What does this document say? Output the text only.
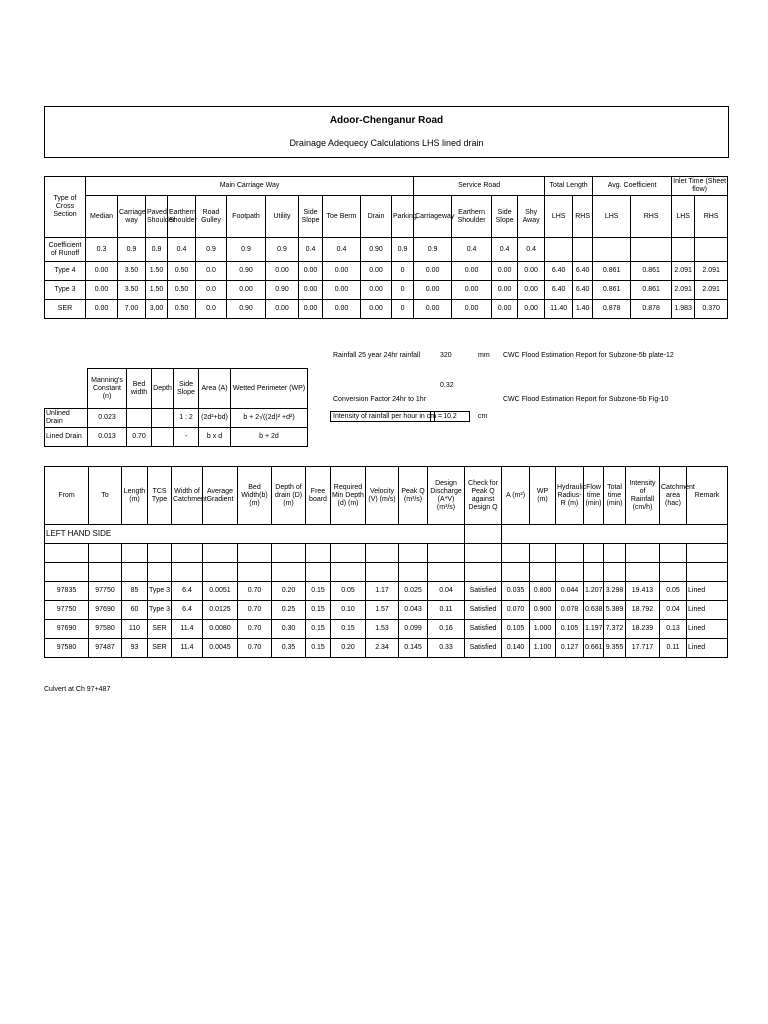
Adoor-Chenganur Road
Drainage Adequecy Calculations LHS lined drain
Type of Cross Section	Main Carriage Way											Service Road				Total Length		Avg. Coefficient		Inlet Time (Sheet flow)	
	Median	Carriage way	Paved Shoulder	Earthern Shoulder	Road Gulley	Footpath	Utility	Side Slope	Toe Berm	Drain	Parking	Carriageway	Earthern Shoulder	Side Slope	Shy Away	LHS	RHS	LHS	RHS	LHS	RHS
Coefficient of Runoff	0.3	0.9	0.9	0.4	0.9	0.9	0.9	0.4	0.4	0.90	0.9	0.9	0.4	0.4	0.4						
Type 4	0.00	3.50	1.50	0.50	0.0	0.90	0.00	0.00	0.00	0.00	0	0.00	0.00	0.00	0.00	6.40	6.40	0.861	0.861	2.091	2.091
Type 3	0.00	3.50	1.50	0.50	0.0	0.00	0.90	0.00	0.00	0.00	0	0.00	0.00	0.00	0.00	6.40	6.40	0.861	0.861	2.091	2.091
SER	0.00	7.00	3.00	0.50	0.0	0.90	0.00	0.00	0.00	0.00	0	0.00	0.00	0.00	0.00	11.40	1.40	0.878	0.878	1.983	0.370
Rainfall 25 year 24hr rainfall	320	mm CWC Flood Estimation Report for Subzone-5b plate-12
0.32
Conversion Factor 24hr to 1hr	CWC Flood Estimation Report for Subzone-5b Fig-10
Intensity of rainfall per hour in cm = 10.2	cm
	Manning's Constant (n)	Bed width	Depth	Side Slope	Area (A)	Wetted Perimeter (WP)
Unlined Drain	0.023			1 : 2	(2d²+bd)	b + 2√((2d)² +d²)
Lined Drain	0.013	0.70		-	b x d	b + 2d
From	To	Length (m)	TCS Type	Width of Catchment	Average Gradient	Bed Width(b) (m)	Depth of drain (D) (m)	Free board	Required Min Depth (d) (m)	Velocity (V) (m/s)	Peak Q (m³/s)	Design Discharge (A*V) (m³/s)	Check for Peak Q against Design Q	A (m²)	WP (m)	Hydraulic Radius- R (m)	Flow time (min)	Total time (min)	Intensity of Rainfall (cm/h)	Catchment area (hac)	Remark
LEFT HAND SIDE																					

97835	97750	85	Type 3	6.4	0.0051	0.70	0.20	0.15	0.05	1.17	0.025	0.04	Satisfied	0.035	0.800	0.044	1.207	3.298	19.413	0.05	Lined
97750	97690	60	Type 3	6.4	0.0125	0.70	0.25	0.15	0.10	1.57	0.043	0.11	Satisfied	0.070	0.900	0.078	0.638	5.389	18.792	0.04	Lined
97690	97580	110	SER	11.4	0.0080	0.70	0.30	0.15	0.15	1.53	0.099	0.16	Satisfied	0.105	1.000	0.105	1.197	7.372	18.239	0.13	Lined
97580	97487	93	SER	11.4	0.0045	0.70	0.35	0.15	0.20	2.34	0.145	0.33	Satisfied	0.140	1.100	0.127	0.661	9.355	17.717	0.11	Lined
Culvert at Ch 97+487
